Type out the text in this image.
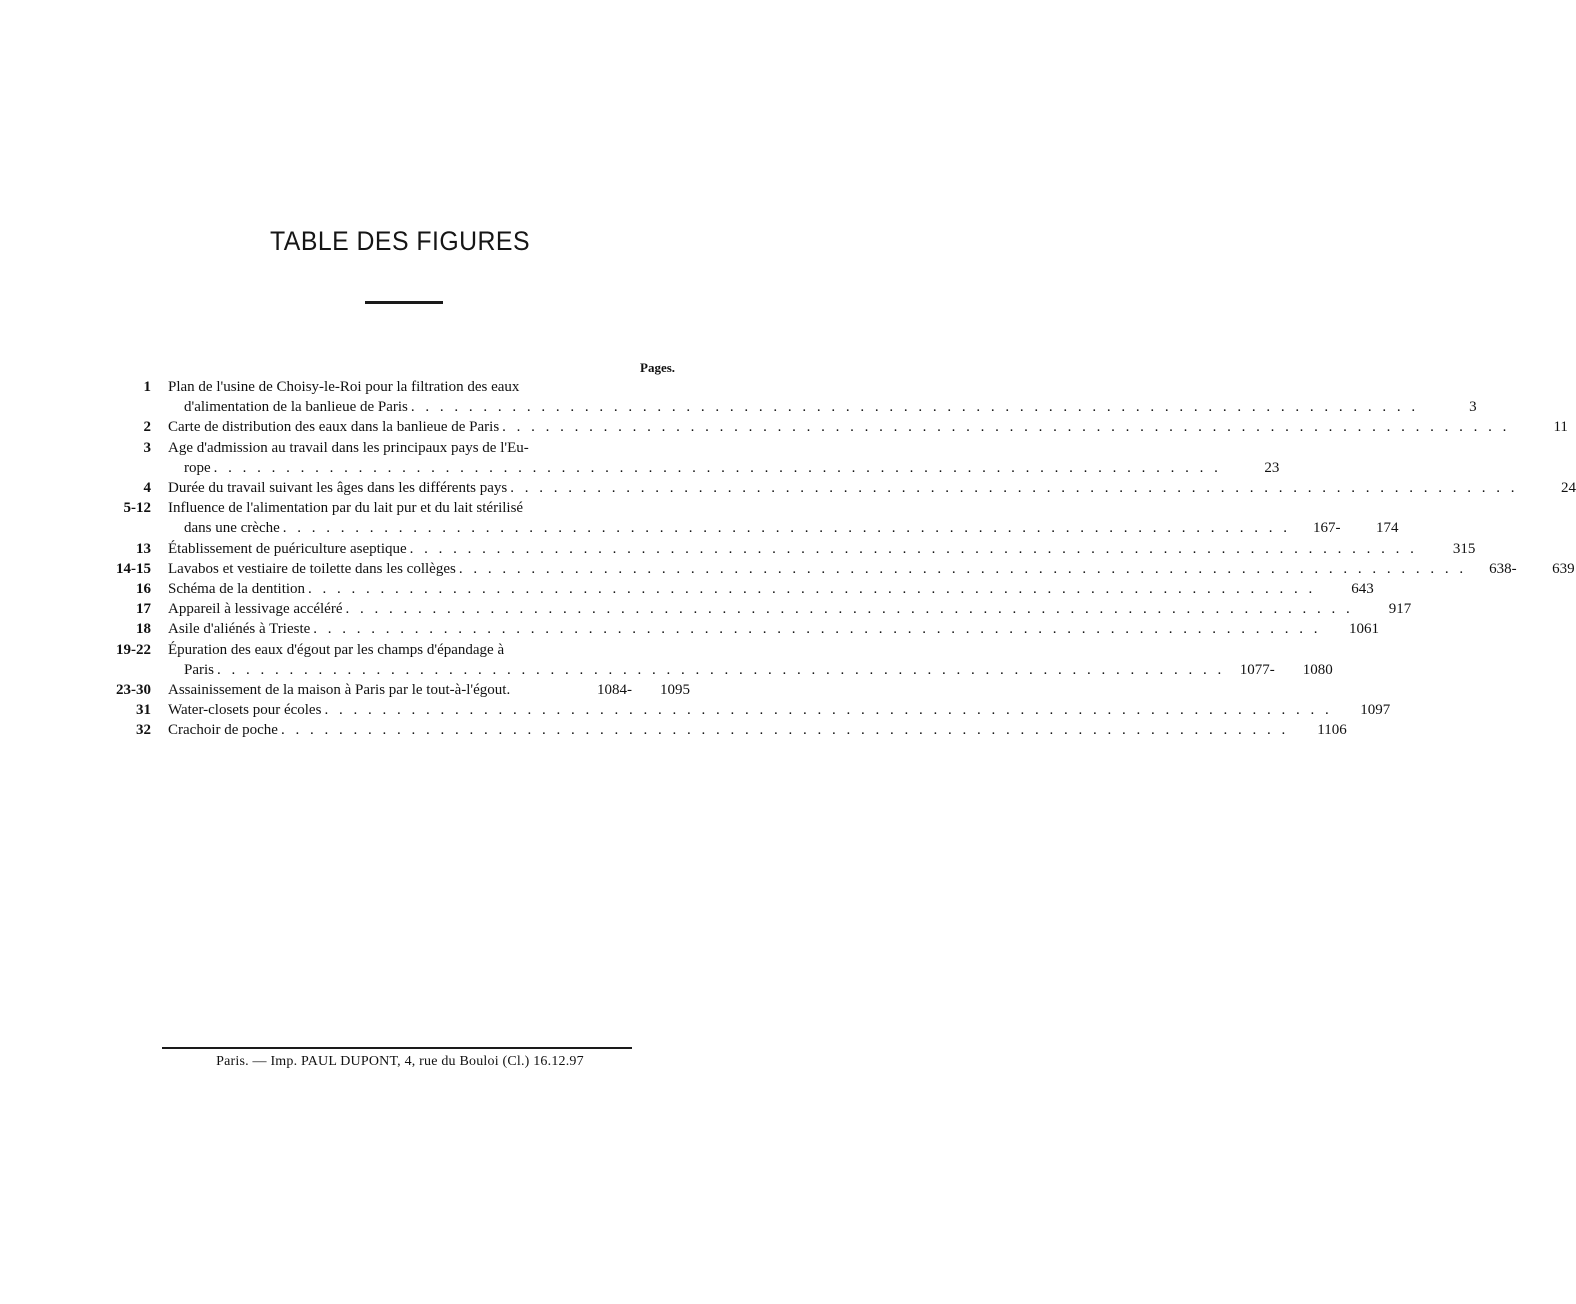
TABLE DES FIGURES
Pages.
1 Plan de l'usine de Choisy-le-Roi pour la filtration des eaux
d'alimentation de la banlieue de Paris . . .	3
2 Carte de distribution des eaux dans la banlieue de Paris . . .	11
3 Age d'admission au travail dans les principaux pays de l'Eu-
rope . . .	23
4 Durée du travail suivant les âges dans les différents pays . . .	24
5-12 Influence de l'alimentation par du lait pur et du lait stérilisé
dans une crèche . . .	167-	174
13 Établissement de puériculture aseptique . . .	315
14-15 Lavabos et vestiaire de toilette dans les collèges . . .	638-	639
16 Schéma de la dentition . . .	643
17 Appareil à lessivage accéléré . . .	917
18 Asile d'aliénés à Trieste . . .	1061
19-22 Épuration des eaux d'égout par les champs d'épandage à
Paris . . .	1077-	1080
23-30 Assainissement de la maison à Paris par le tout-à-l'égout.	1084-	1095
31 Water-closets pour écoles . . .	1097
32 Crachoir de poche . . .	1106
Paris. — Imp. PAUL DUPONT, 4, rue du Bouloi (Cl.) 16.12.97
